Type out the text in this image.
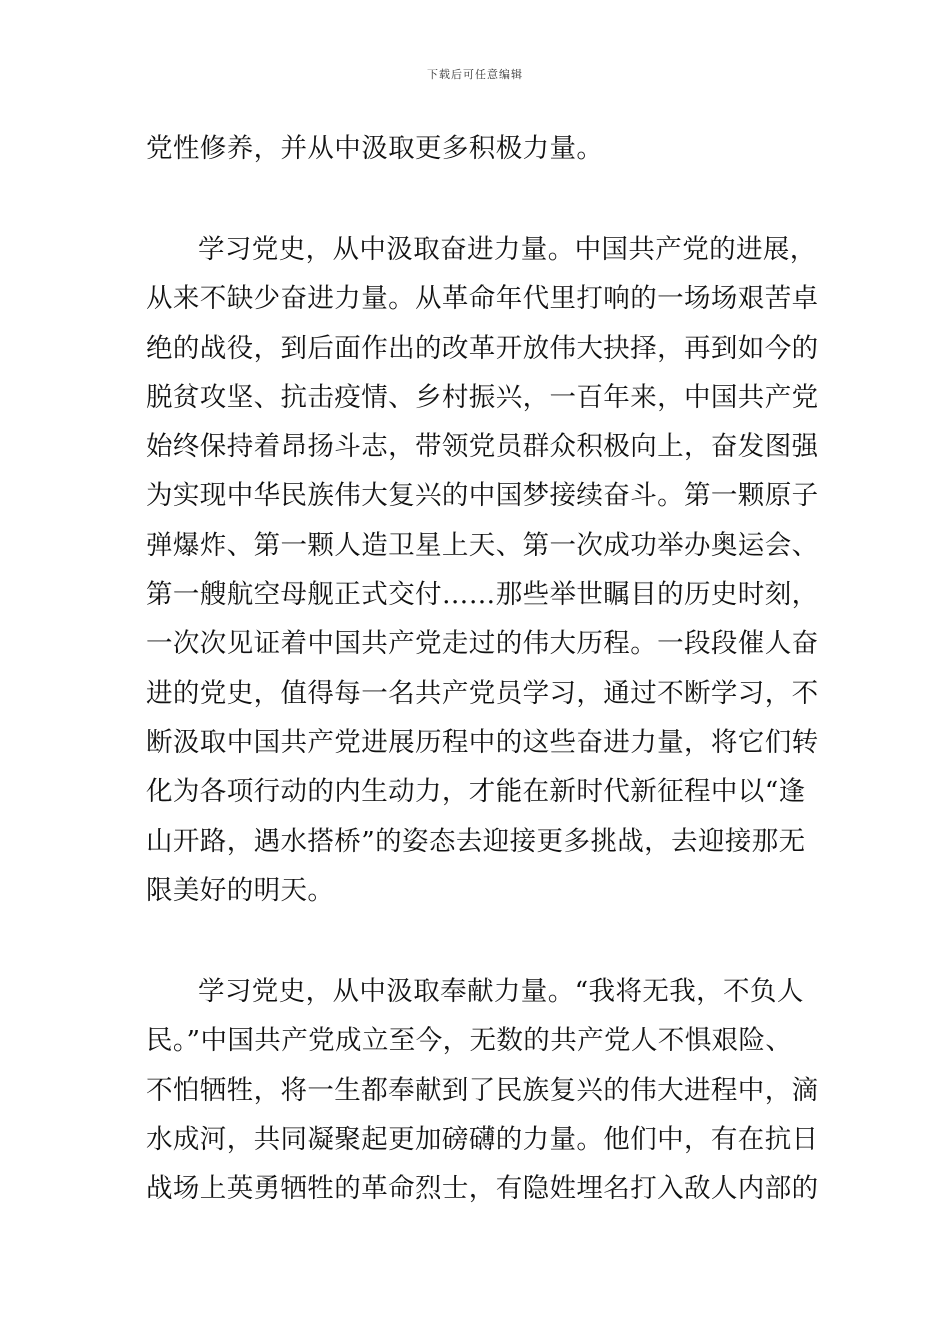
下载后可任意编辑
党性修养，并从中汲取更多积极力量。
学习党史，从中汲取奋进力量。中国共产党的进展，
从来不缺少奋进力量。从革命年代里打响的一场场艰苦卓
绝的战役，到后面作出的改革开放伟大抉择，再到如今的
脱贫攻坚、抗击疫情、乡村振兴，一百年来，中国共产党
始终保持着昂扬斗志，带领党员群众积极向上，奋发图强
为实现中华民族伟大复兴的中国梦接续奋斗。第一颗原子
弹爆炸、第一颗人造卫星上天、第一次成功举办奥运会、
第一艘航空母舰正式交付……那些举世瞩目的历史时刻，
一次次见证着中国共产党走过的伟大历程。一段段催人奋
进的党史，值得每一名共产党员学习，通过不断学习，不
断汲取中国共产党进展历程中的这些奋进力量，将它们转
化为各项行动的内生动力，才能在新时代新征程中以“逢
山开路，遇水搭桥”的姿态去迎接更多挑战，去迎接那无
限美好的明天。
学习党史，从中汲取奉献力量。“我将无我，不负人
民。”中国共产党成立至今，无数的共产党人不惧艰险、
不怕牺牲，将一生都奉献到了民族复兴的伟大进程中，滴
水成河，共同凝聚起更加磅礴的力量。他们中，有在抗日
战场上英勇牺牲的革命烈士，有隐姓埋名打入敌人内部的
